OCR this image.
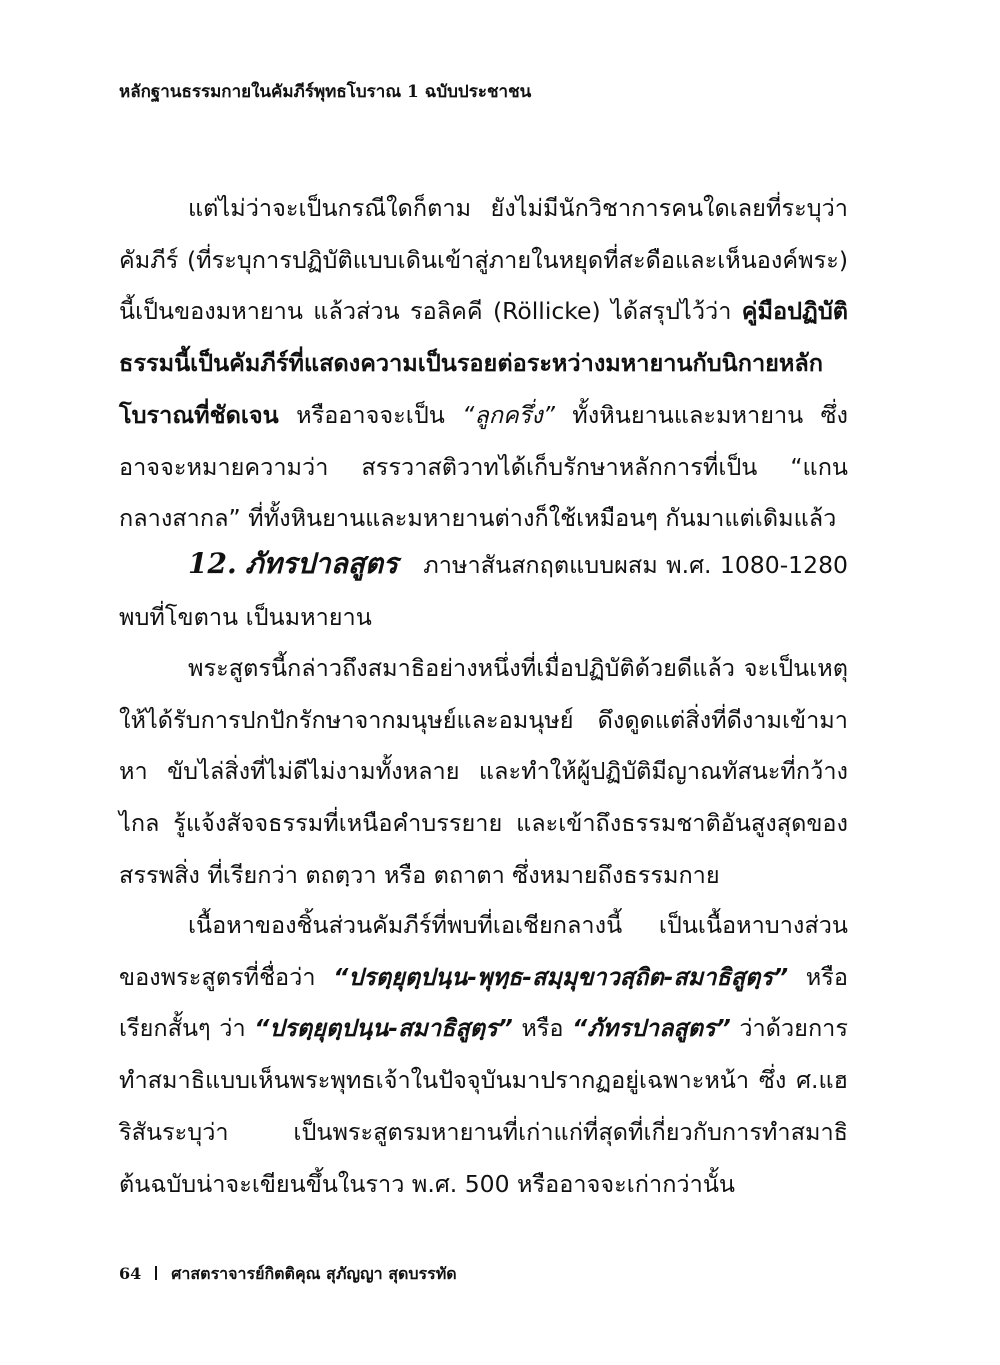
หลักฐานธรรมกายในคัมภีร์พุทธโบราณ 1 ฉบับประชาชน

แต่ไม่ว่าจะเป็นกรณีใดก็ตาม ยังไม่มีนักวิชาการคนใดเลยที่ระบุว่าคัมภีร์ (ที่ระบุการปฏิบัติแบบเดินเข้าสู่ภายในหยุดที่สะดือและเห็นองค์พระ) นี้เป็นของมหายาน แล้วส่วน รอลิคคี (Röllicke) ได้สรุปไว้ว่า คู่มือปฏิบัติธรรมนี้เป็นคัมภีร์ที่แสดงความเป็นรอยต่อระหว่างมหายานกับนิกายหลักโบราณที่ชัดเจน หรืออาจจะเป็น “ลูกครึ่ง” ทั้งหินยานและมหายาน ซึ่งอาจจะหมายความว่า สรรวาสติวาทได้เก็บรักษาหลักการที่เป็น “แกนกลางสากล” ที่ทั้งหินยานและมหายานต่างก็ใช้เหมือนๆ กันมาแต่เดิมแล้ว

12. ภัทรปาลสูตร ภาษาสันสกฤตแบบผสม พ.ศ. 1080-1280 พบที่โขตาน เป็นมหายาน

พระสูตรนี้กล่าวถึงสมาธิอย่างหนึ่งที่เมื่อปฏิบัติด้วยดีแล้ว จะเป็นเหตุให้ได้รับการปกปักรักษาจากมนุษย์และอมนุษย์ ดึงดูดแต่สิ่งที่ดีงามเข้ามาหา ขับไล่สิ่งที่ไม่ดีไม่งามทั้งหลาย และทำให้ผู้ปฏิบัติมีญาณทัสนะที่กว้างไกล รู้แจ้งสัจจธรรมที่เหนือคำบรรยาย และเข้าถึงธรรมชาติอันสูงสุดของสรรพสิ่ง ที่เรียกว่า ตถตฺวา หรือ ตถาตา ซึ่งหมายถึงธรรมกาย

เนื้อหาของชิ้นส่วนคัมภีร์ที่พบที่เอเชียกลางนี้ เป็นเนื้อหาบางส่วนของพระสูตรที่ชื่อว่า “ปรตฺยุตฺปนฺน-พุทฺธ-สมฺมุขาวสฺถิต-สมาธิสูตฺร” หรือเรียกสั้นๆ ว่า “ปรตฺยุตฺปนฺน-สมาธิสูตฺร” หรือ “ภัทรปาลสูตร” ว่าด้วยการทำสมาธิแบบเห็นพระพุทธเจ้าในปัจจุบันมาปรากฏอยู่เฉพาะหน้า ซึ่ง ศ.แฮริสันระบุว่า เป็นพระสูตรมหายานที่เก่าแก่ที่สุดที่เกี่ยวกับการทำสมาธิ ต้นฉบับน่าจะเขียนขึ้นในราว พ.ศ. 500 หรืออาจจะเก่ากว่านั้น

64 ศาสตราจารย์กิตติคุณ สุภัญญา สุดบรรทัด
